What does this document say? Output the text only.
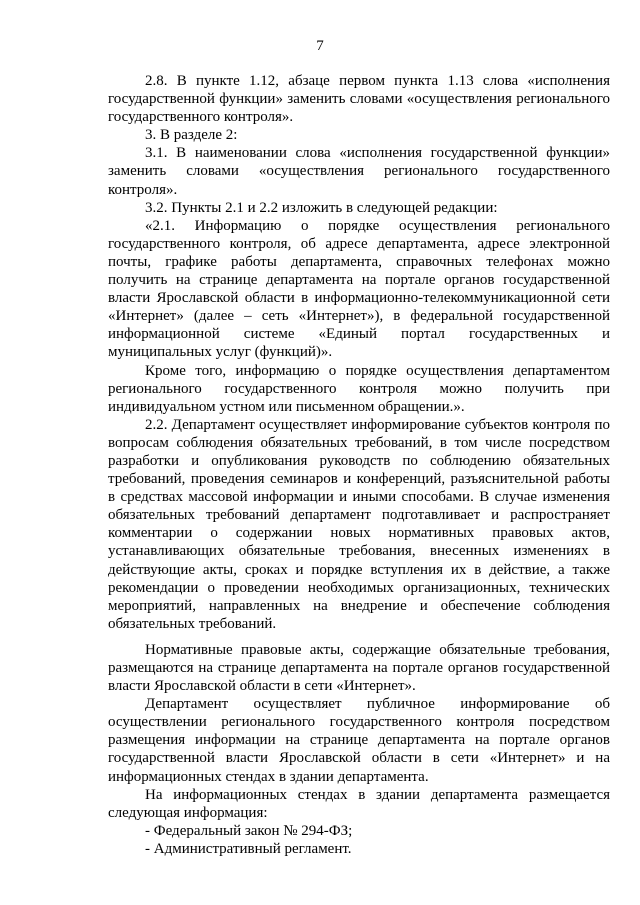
7

2.8. В пункте 1.12, абзаце первом пункта 1.13 слова «исполнения государственной функции» заменить словами «осуществления регионального государственного контроля».

3. В разделе 2:

3.1. В наименовании слова «исполнения государственной функции» заменить словами «осуществления регионального государственного контроля».

3.2. Пункты 2.1 и 2.2 изложить в следующей редакции:

«2.1. Информацию о порядке осуществления регионального государственного контроля, об адресе департамента, адресе электронной почты, графике работы департамента, справочных телефонах можно получить на странице департамента на портале органов государственной власти Ярославской области в информационно-телекоммуникационной сети «Интернет» (далее – сеть «Интернет»), в федеральной государственной информационной системе «Единый портал государственных и муниципальных услуг (функций)».

Кроме того, информацию о порядке осуществления департаментом регионального государственного контроля можно получить при индивидуальном устном или письменном обращении.».

2.2. Департамент осуществляет информирование субъектов контроля по вопросам соблюдения обязательных требований, в том числе посредством разработки и опубликования руководств по соблюдению обязательных требований, проведения семинаров и конференций, разъяснительной работы в средствах массовой информации и иными способами. В случае изменения обязательных требований департамент подготавливает и распространяет комментарии о содержании новых нормативных правовых актов, устанавливающих обязательные требования, внесенных изменениях в действующие акты, сроках и порядке вступления их в действие, а также рекомендации о проведении необходимых организационных, технических мероприятий, направленных на внедрение и обеспечение соблюдения обязательных требований.

Нормативные правовые акты, содержащие обязательные требования, размещаются на странице департамента на портале органов государственной власти Ярославской области в сети «Интернет».

Департамент осуществляет публичное информирование об осуществлении регионального государственного контроля посредством размещения информации на странице департамента на портале органов государственной власти Ярославской области в сети «Интернет» и на информационных стендах в здании департамента.

На информационных стендах в здании департамента размещается следующая информация:

- Федеральный закон № 294-ФЗ;

- Административный регламент.
